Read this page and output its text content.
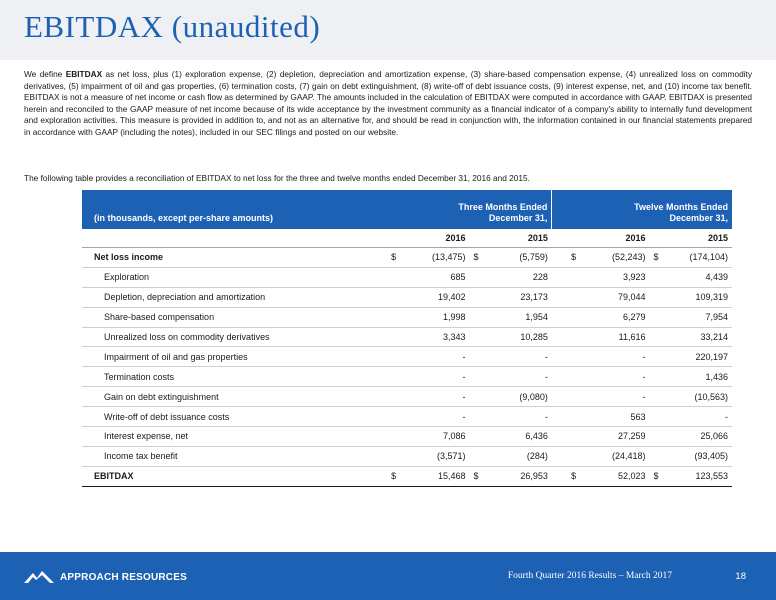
EBITDAX (unaudited)

We define EBITDAX as net loss, plus (1) exploration expense, (2) depletion, depreciation and amortization expense, (3) share-based compensation expense, (4) unrealized loss on commodity derivatives, (5) impairment of oil and gas properties, (6) termination costs, (7) gain on debt extinguishment, (8) write-off of debt issuance costs, (9) interest expense, net, and (10) income tax benefit. EBITDAX is not a measure of net income or cash flow as determined by GAAP. The amounts included in the calculation of EBITDAX were computed in accordance with GAAP. EBITDAX is presented herein and reconciled to the GAAP measure of net income because of its wide acceptance by the investment community as a financial indicator of a company's ability to internally fund development and exploration activities. This measure is provided in addition to, and not as an alternative for, and should be read in conjunction with, the information contained in our financial statements prepared in accordance with GAAP (including the notes), included in our SEC filings and posted on our website.

The following table provides a reconciliation of EBITDAX to net loss for the three and twelve months ended December 31, 2016 and 2015.

(in thousands, except per-share amounts)	Three Months Ended
December 31,					Twelve Months Ended
December 31,			
	2016		2015			2016		2015	
Net loss income	$	(13,475)	$	(5,759)		$	(52,243)	$	(174,104)
Exploration		685		228			3,923		4,439
Depletion, depreciation and amortization		19,402		23,173			79,044		109,319
Share-based compensation		1,998		1,954			6,279		7,954
Unrealized loss on commodity derivatives		3,343		10,285			11,616		33,214
Impairment of oil and gas properties		-		-			-		220,197
Termination costs		-		-			-		1,436
Gain on debt extinguishment		-		(9,080)			-		(10,563)
Write-off of debt issuance costs		-		-			563		-
Interest expense, net		7,086		6,436			27,259		25,066
Income tax benefit		(3,571)		(284)			(24,418)		(93,405)
EBITDAX	$	15,468	$	26,953		$	52,023	$	123,553
APPROACH RESOURCES	Fourth Quarter 2016 Results – March 2017	18
